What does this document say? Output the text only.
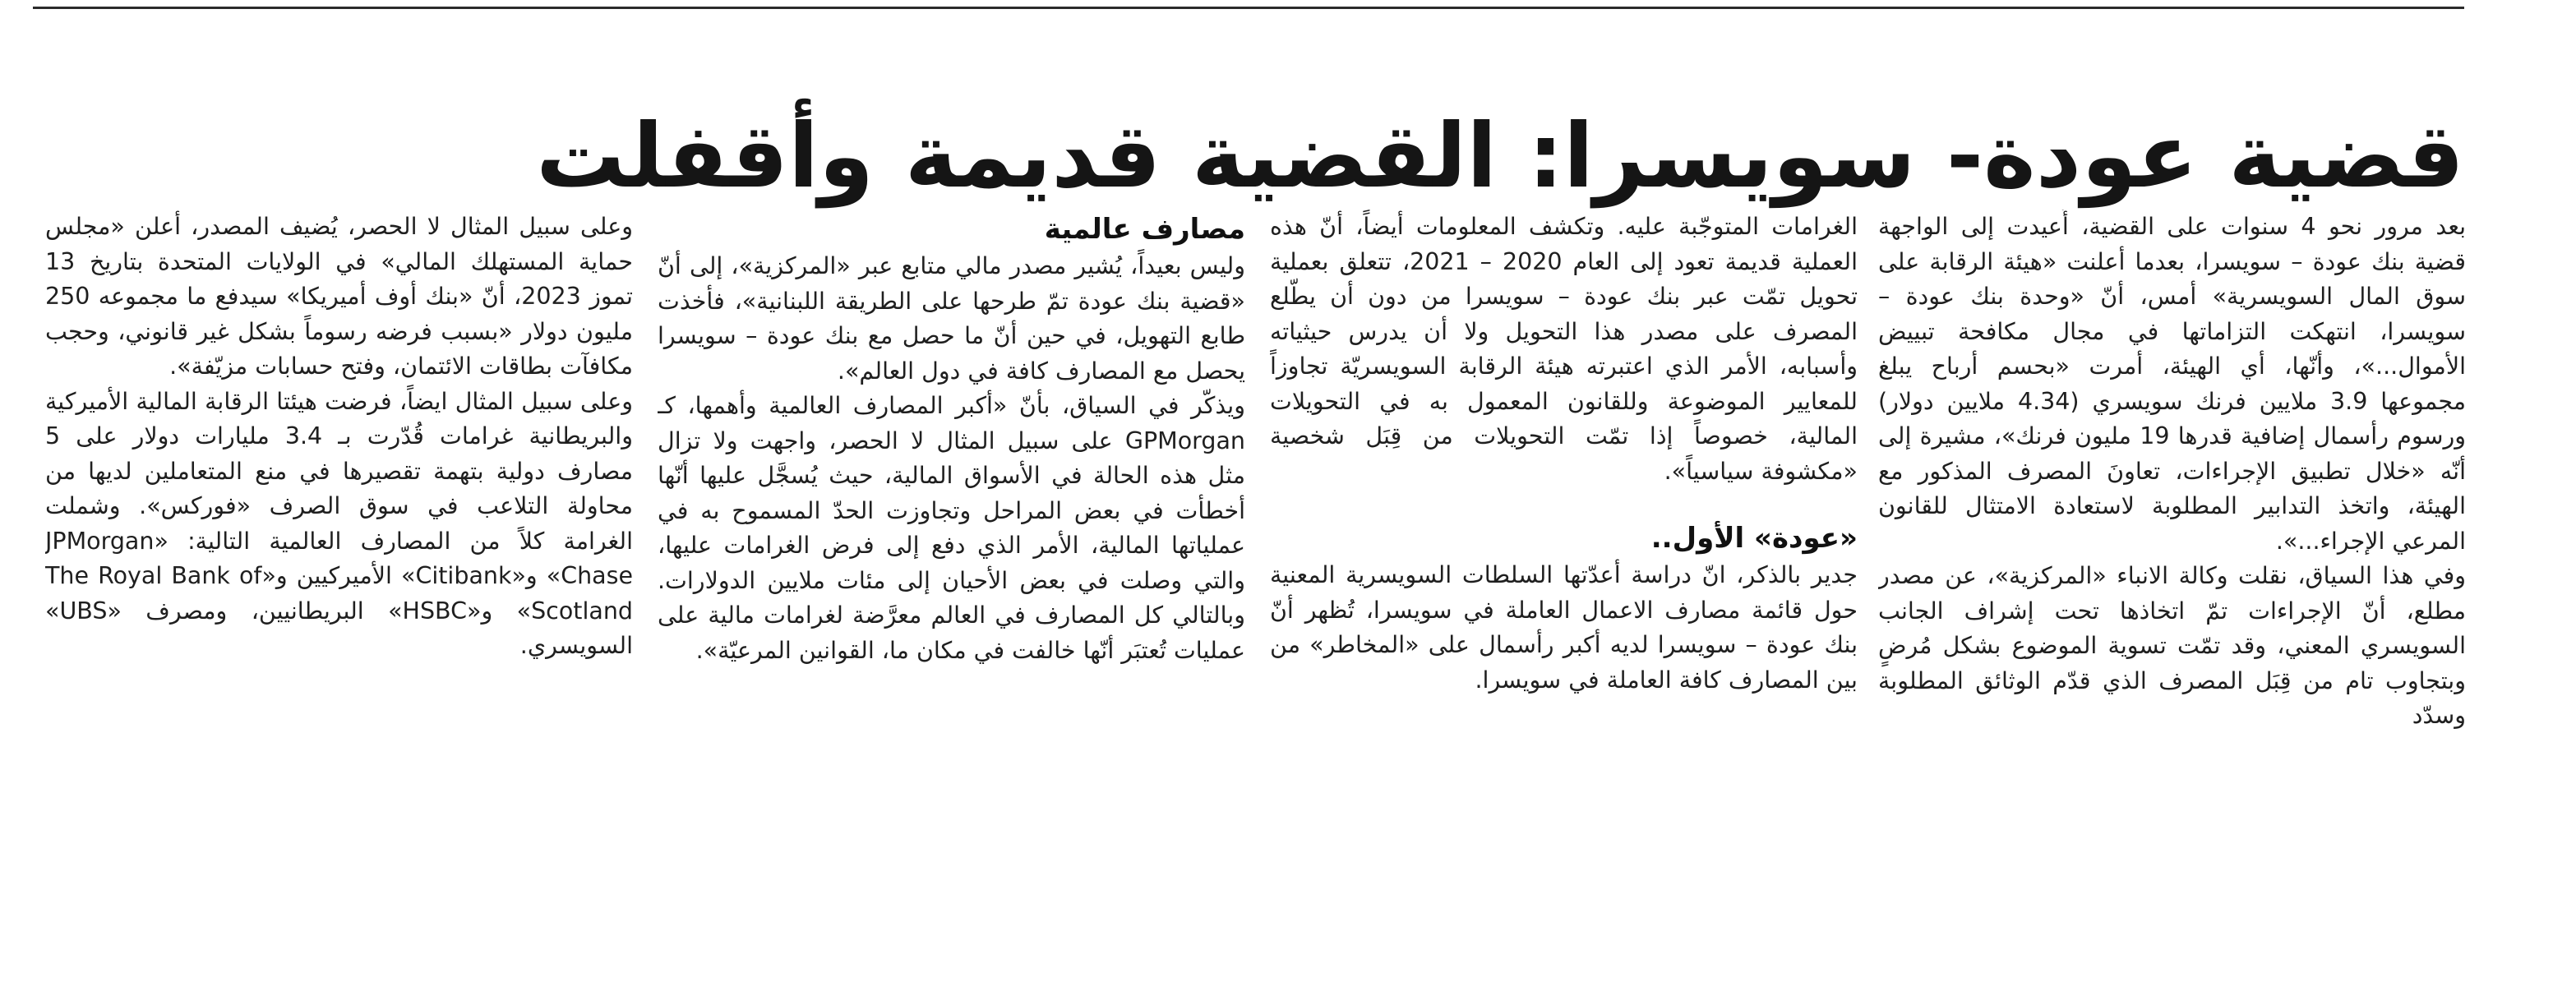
قضية عودة- سويسرا: القضية قديمة وأُقفلت

بعد مرور نحو 4 سنوات على القضية، أُعيدت إلى الواجهة قضية بنك عودة – سويسرا، بعدما أعلنت «هيئة الرقابة على سوق المال السويسرية» أمس، أنّ «وحدة بنك عودة – سويسرا، انتهكت التزاماتها في مجال مكافحة تبييض الأموال...»، وأنّها، أي الهيئة، أمرت «بحسم أرباح يبلغ مجموعها 3.9 ملايين فرنك سويسري (4.34 ملايين دولار) ورسوم رأسمال إضافية قدرها 19 مليون فرنك»، مشيرة إلى أنّه «خلال تطبيق الإجراءات، تعاونَ المصرف المذكور مع الهيئة، واتخذ التدابير المطلوبة لاستعادة الامتثال للقانون المرعي الإجراء...».

وفي هذا السياق، نقلت وكالة الانباء «المركزية»، عن مصدر مطلع، أنّ الإجراءات تمّ اتخاذها تحت إشراف الجانب السويسري المعني، وقد تمّت تسوية الموضوع بشكل مُرضٍ وبتجاوب تام من قِبَل المصرف الذي قدّم الوثائق المطلوبة وسدّد

الغرامات المتوجّبة عليه. وتكشف المعلومات أيضاً، أنّ هذه العملية قديمة تعود إلى العام 2020 – 2021، تتعلق بعملية تحويل تمّت عبر بنك عودة – سويسرا من دون أن يطّلع المصرف على مصدر هذا التحويل ولا أن يدرس حيثياته وأسبابه، الأمر الذي اعتبرته هيئة الرقابة السويسريّة تجاوزاً للمعايير الموضوعة وللقانون المعمول به في التحويلات المالية، خصوصاً إذا تمّت التحويلات من قِبَل شخصية «مكشوفة سياسياً».

«عودة» الأول..

جدير بالذكر، انّ دراسة أعدّتها السلطات السويسرية المعنية حول قائمة مصارف الاعمال العاملة في سويسرا، تُظهر أنّ بنك عودة – سويسرا لديه أكبر رأسمال على «المخاطر» من بين المصارف كافة العاملة في سويسرا.

مصارف عالمية

وليس بعيداً، يُشير مصدر مالي متابع عبر «المركزية»، إلى أنّ «قضية بنك عودة تمّ طرحها على الطريقة اللبنانية»، فأخذت طابع التهويل، في حين أنّ ما حصل مع بنك عودة – سويسرا يحصل مع المصارف كافة في دول العالم».

ويذكّر في السياق، بأنّ «أكبر المصارف العالمية وأهمها، كـ GPMorgan على سبيل المثال لا الحصر، واجهت ولا تزال مثل هذه الحالة في الأسواق المالية، حيث يُسجَّل عليها أنّها أخطأت في بعض المراحل وتجاوزت الحدّ المسموح به في عملياتها المالية، الأمر الذي دفع إلى فرض الغرامات عليها، والتي وصلت في بعض الأحيان إلى مئات ملايين الدولارات. وبالتالي كل المصارف في العالم معرَّضة لغرامات مالية على عمليات تُعتبَر أنّها خالفت في مكان ما، القوانين المرعيّة».

وعلى سبيل المثال لا الحصر، يُضيف المصدر، أعلن «مجلس حماية المستهلك المالي» في الولايات المتحدة بتاريخ 13 تموز 2023، أنّ «بنك أوف أميريكا» سيدفع ما مجموعه 250 مليون دولار «بسبب فرضه رسوماً بشكل غير قانوني، وحجب مكافآت بطاقات الائتمان، وفتح حسابات مزيّفة».

وعلى سبيل المثال ايضاً، فرضت هيئتا الرقابة المالية الأميركية والبريطانية غرامات قُدّرت بـ 3.4 مليارات دولار على 5 مصارف دولية بتهمة تقصيرها في منع المتعاملين لديها من محاولة التلاعب في سوق الصرف «فوركس». وشملت الغرامة كلاً من المصارف العالمية التالية: «JPMorgan Chase» و«Citibank» الأميركيين و«The Royal Bank of Scotland» و«HSBC» البريطانيين، ومصرف «UBS» السويسري.
